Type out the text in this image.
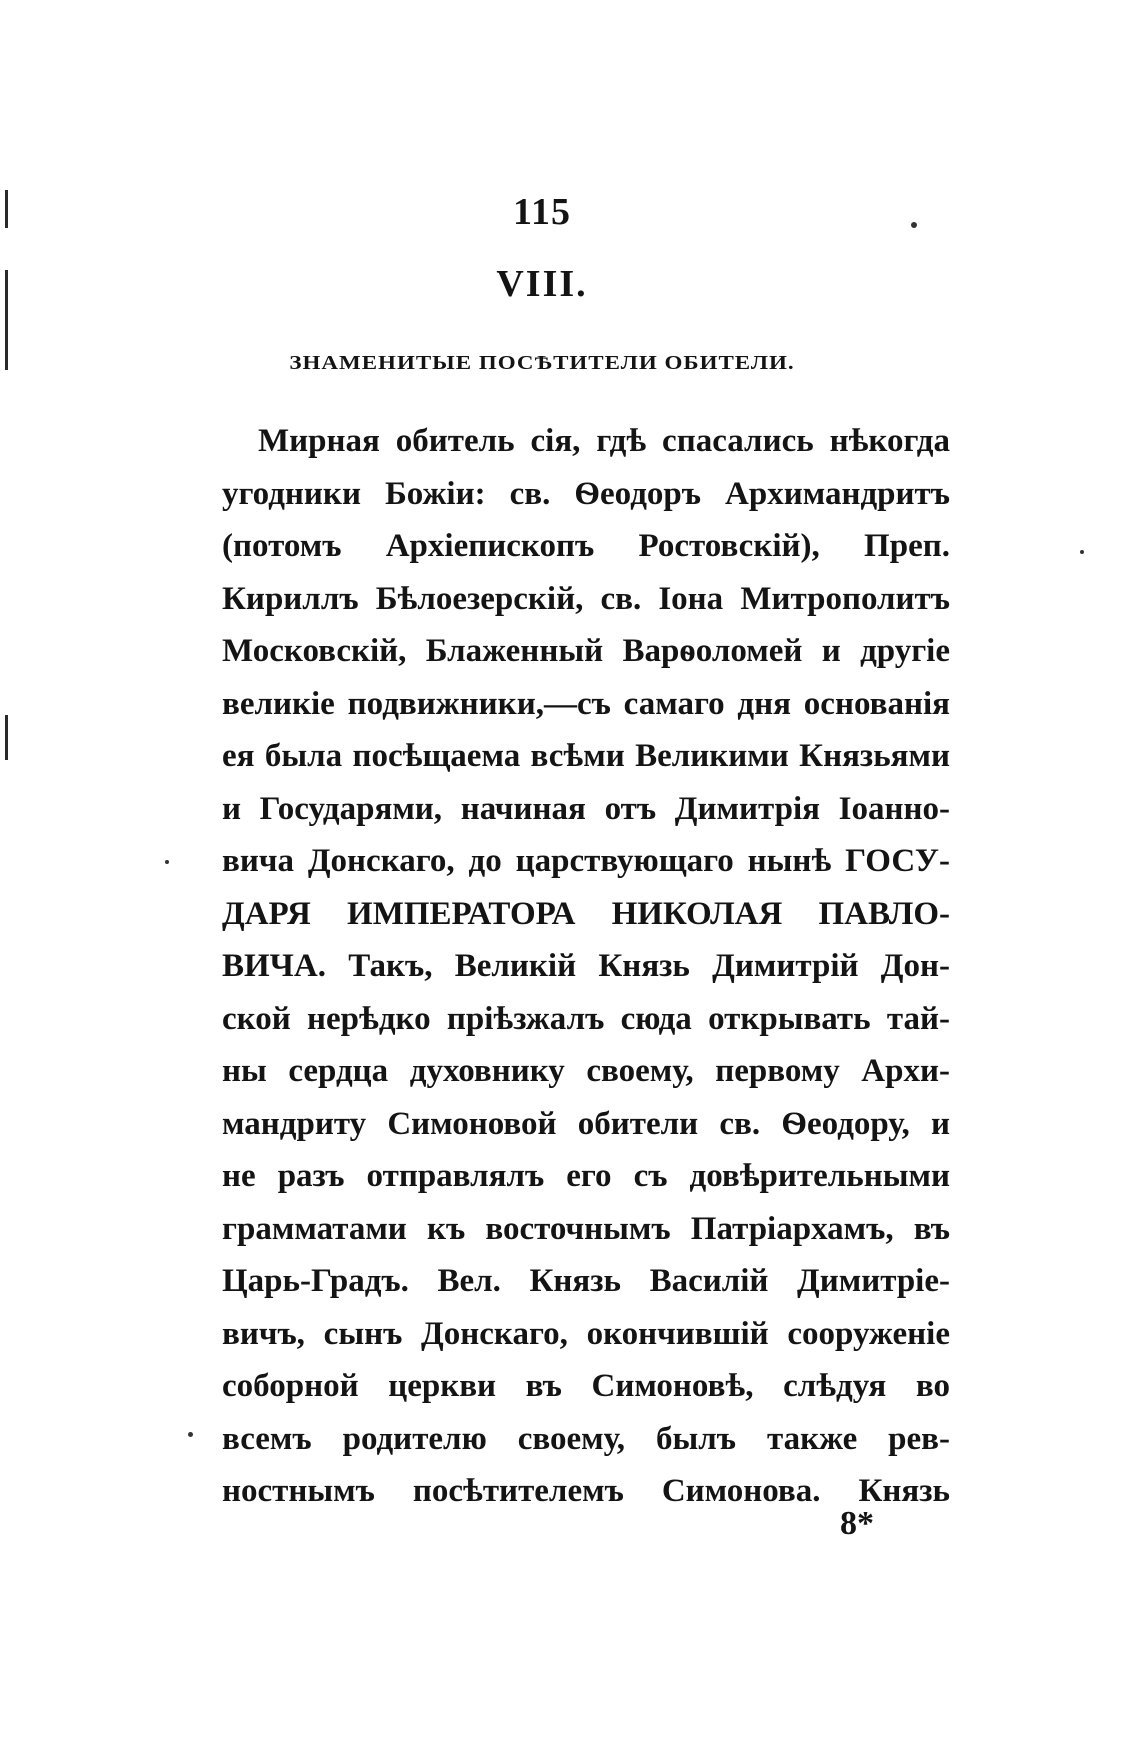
115
VIII.
ЗНАМЕНИТЫЕ ПОСѢТИТЕЛИ ОБИТЕЛИ.
Мирная обитель сія, гдѣ спасались нѣкогда
угодники Божіи: св. Ѳеодоръ Архимандритъ
(потомъ Архіепископъ Ростовскій), Преп.
Кириллъ Бѣлоезерскій, св. Іона Митрополитъ
Московскій, Блаженный Варѳоломей и другіе
великіе подвижники,—съ самаго дня основанія
ея была посѣщаема всѣми Великими Князьями
и Государями, начиная отъ Димитрія Іоанно-
вича Донскаго, до царствующаго нынѣ ГОСУ-
ДАРЯ ИМПЕРАТОРА НИКОЛАЯ ПАВЛО-
ВИЧА. Такъ, Великій Князь Димитрій Дон-
ской нерѣдко пріѣзжалъ сюда открывать тай-
ны сердца духовнику своему, первому Архи-
мандриту Симоновой обители св. Ѳеодору, и
не разъ отправлялъ его съ довѣрительными
грамматами къ восточнымъ Патріархамъ, въ
Царь-Градъ. Вел. Князь Василій Димитріе-
вичъ, сынъ Донскаго, окончившій сооруженіе
соборной церкви въ Симоновѣ, слѣдуя во
всемъ родителю своему, былъ также рев-
ностнымъ посѣтителемъ Симонова. Князь
8*
